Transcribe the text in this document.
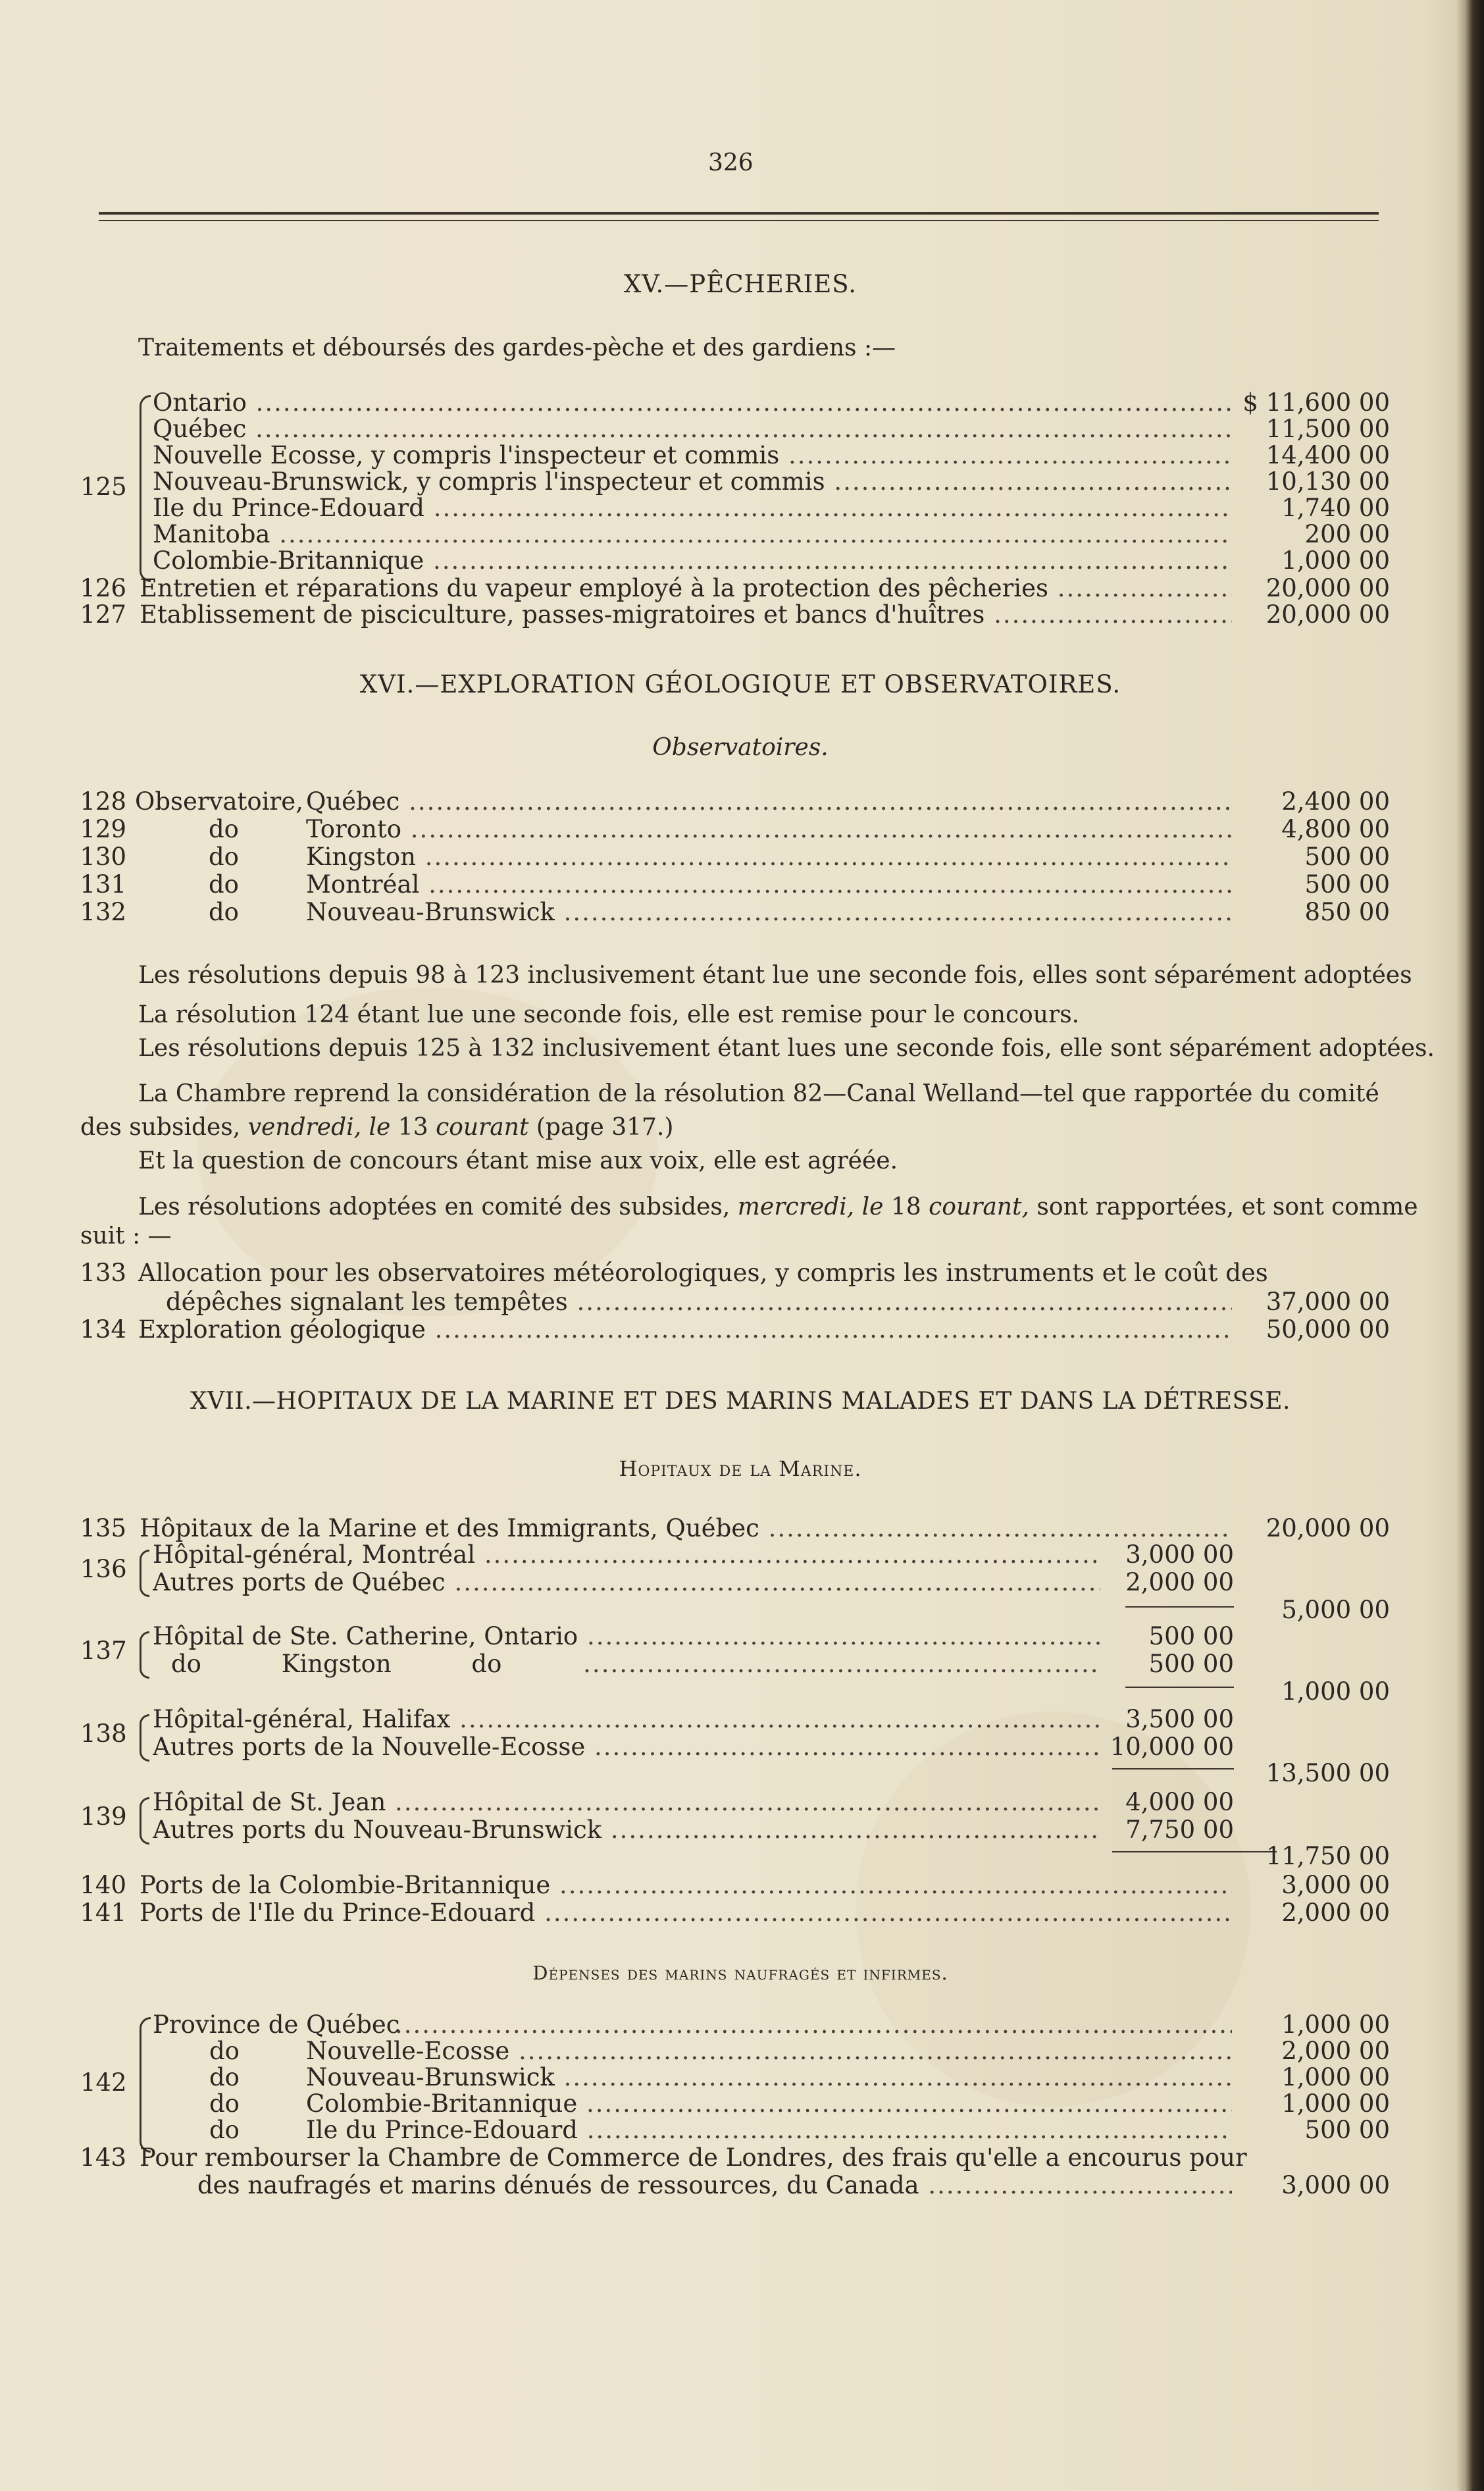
326
XV.—PÊCHERIES.
Traitements et déboursés des gardes-pèche et des gardiens :—
125
Ontario .....	$ 11,600 00
Québec .....	11,500 00
Nouvelle Ecosse, y compris l'inspecteur et commis .....	14,400 00
Nouveau-Brunswick, y compris l'inspecteur et commis .....	10,130 00
Ile du Prince-Edouard .....	1,740 00
Manitoba .....	200 00
Colombie-Britannique .....	1,000 00
126 Entretien et réparations du vapeur employé à la protection des pêcheries .....	20,000 00
127 Etablissement de pisciculture, passes-migratoires et bancs d'huîtres .....	20,000 00
XVI.—EXPLORATION GÉOLOGIQUE ET OBSERVATOIRES.
Observatoires.
128 Observatoire, Québec .....	2,400 00
129	do	Toronto .....	4,800 00
130	do	Kingston .....	500 00
131	do	Montréal .....	500 00
132	do	Nouveau-Brunswick .....	850 00
Les résolutions depuis 98 à 123 inclusivement étant lue une seconde fois, elles sont séparément adoptées
La résolution 124 étant lue une seconde fois, elle est remise pour le concours.
Les résolutions depuis 125 à 132 inclusivement étant lues une seconde fois, elle sont séparément adoptées.
La Chambre reprend la considération de la résolution 82—Canal Welland—tel que rapportée du comité
des subsides, vendredi, le 13 courant (page 317.)
Et la question de concours étant mise aux voix, elle est agréée.
Les résolutions adoptées en comité des subsides, mercredi, le 18 courant, sont rapportées, et sont comme
suit : —
133 Allocation pour les observatoires météorologiques, y compris les instruments et le coût des
dépêches signalant les tempêtes .....	37,000 00
134 Exploration géologique .....	50,000 00
XVII.—HOPITAUX DE LA MARINE ET DES MARINS MALADES ET DANS LA DÉTRESSE.
Hopitaux de la Marine.
135 Hôpitaux de la Marine et des Immigrants, Québec .....	20,000 00
136
Hôpital-général, Montréal .....	3,000 00
Autres ports de Québec .....	2,000 00
5,000 00
137
Hôpital de Ste. Catherine, Ontario .....	500 00
do Kingston do .....	500 00
1,000 00
138
Hôpital-général, Halifax .....	3,500 00
Autres ports de la Nouvelle-Ecosse .....	10,000 00
13,500 00
139
Hôpital de St. Jean .....	4,000 00
Autres ports du Nouveau-Brunswick .....	7,750 00
11,750 00
140 Ports de la Colombie-Britannique .....	3,000 00
141 Ports de l'Ile du Prince-Edouard .....	2,000 00
Dépenses des marins naufragés et infirmes.
142
Province de Québec
.....	1,000 00
do	Nouvelle-Ecosse .....	2,000 00
do	Nouveau-Brunswick .....	1,000 00
do	Colombie-Britannique .....	1,000 00
do	Ile du Prince-Edouard .....	500 00
143 Pour rembourser la Chambre de Commerce de Londres, des frais qu'elle a encourus pour
des naufragés et marins dénués de ressources, du Canada .....	3,000 00
